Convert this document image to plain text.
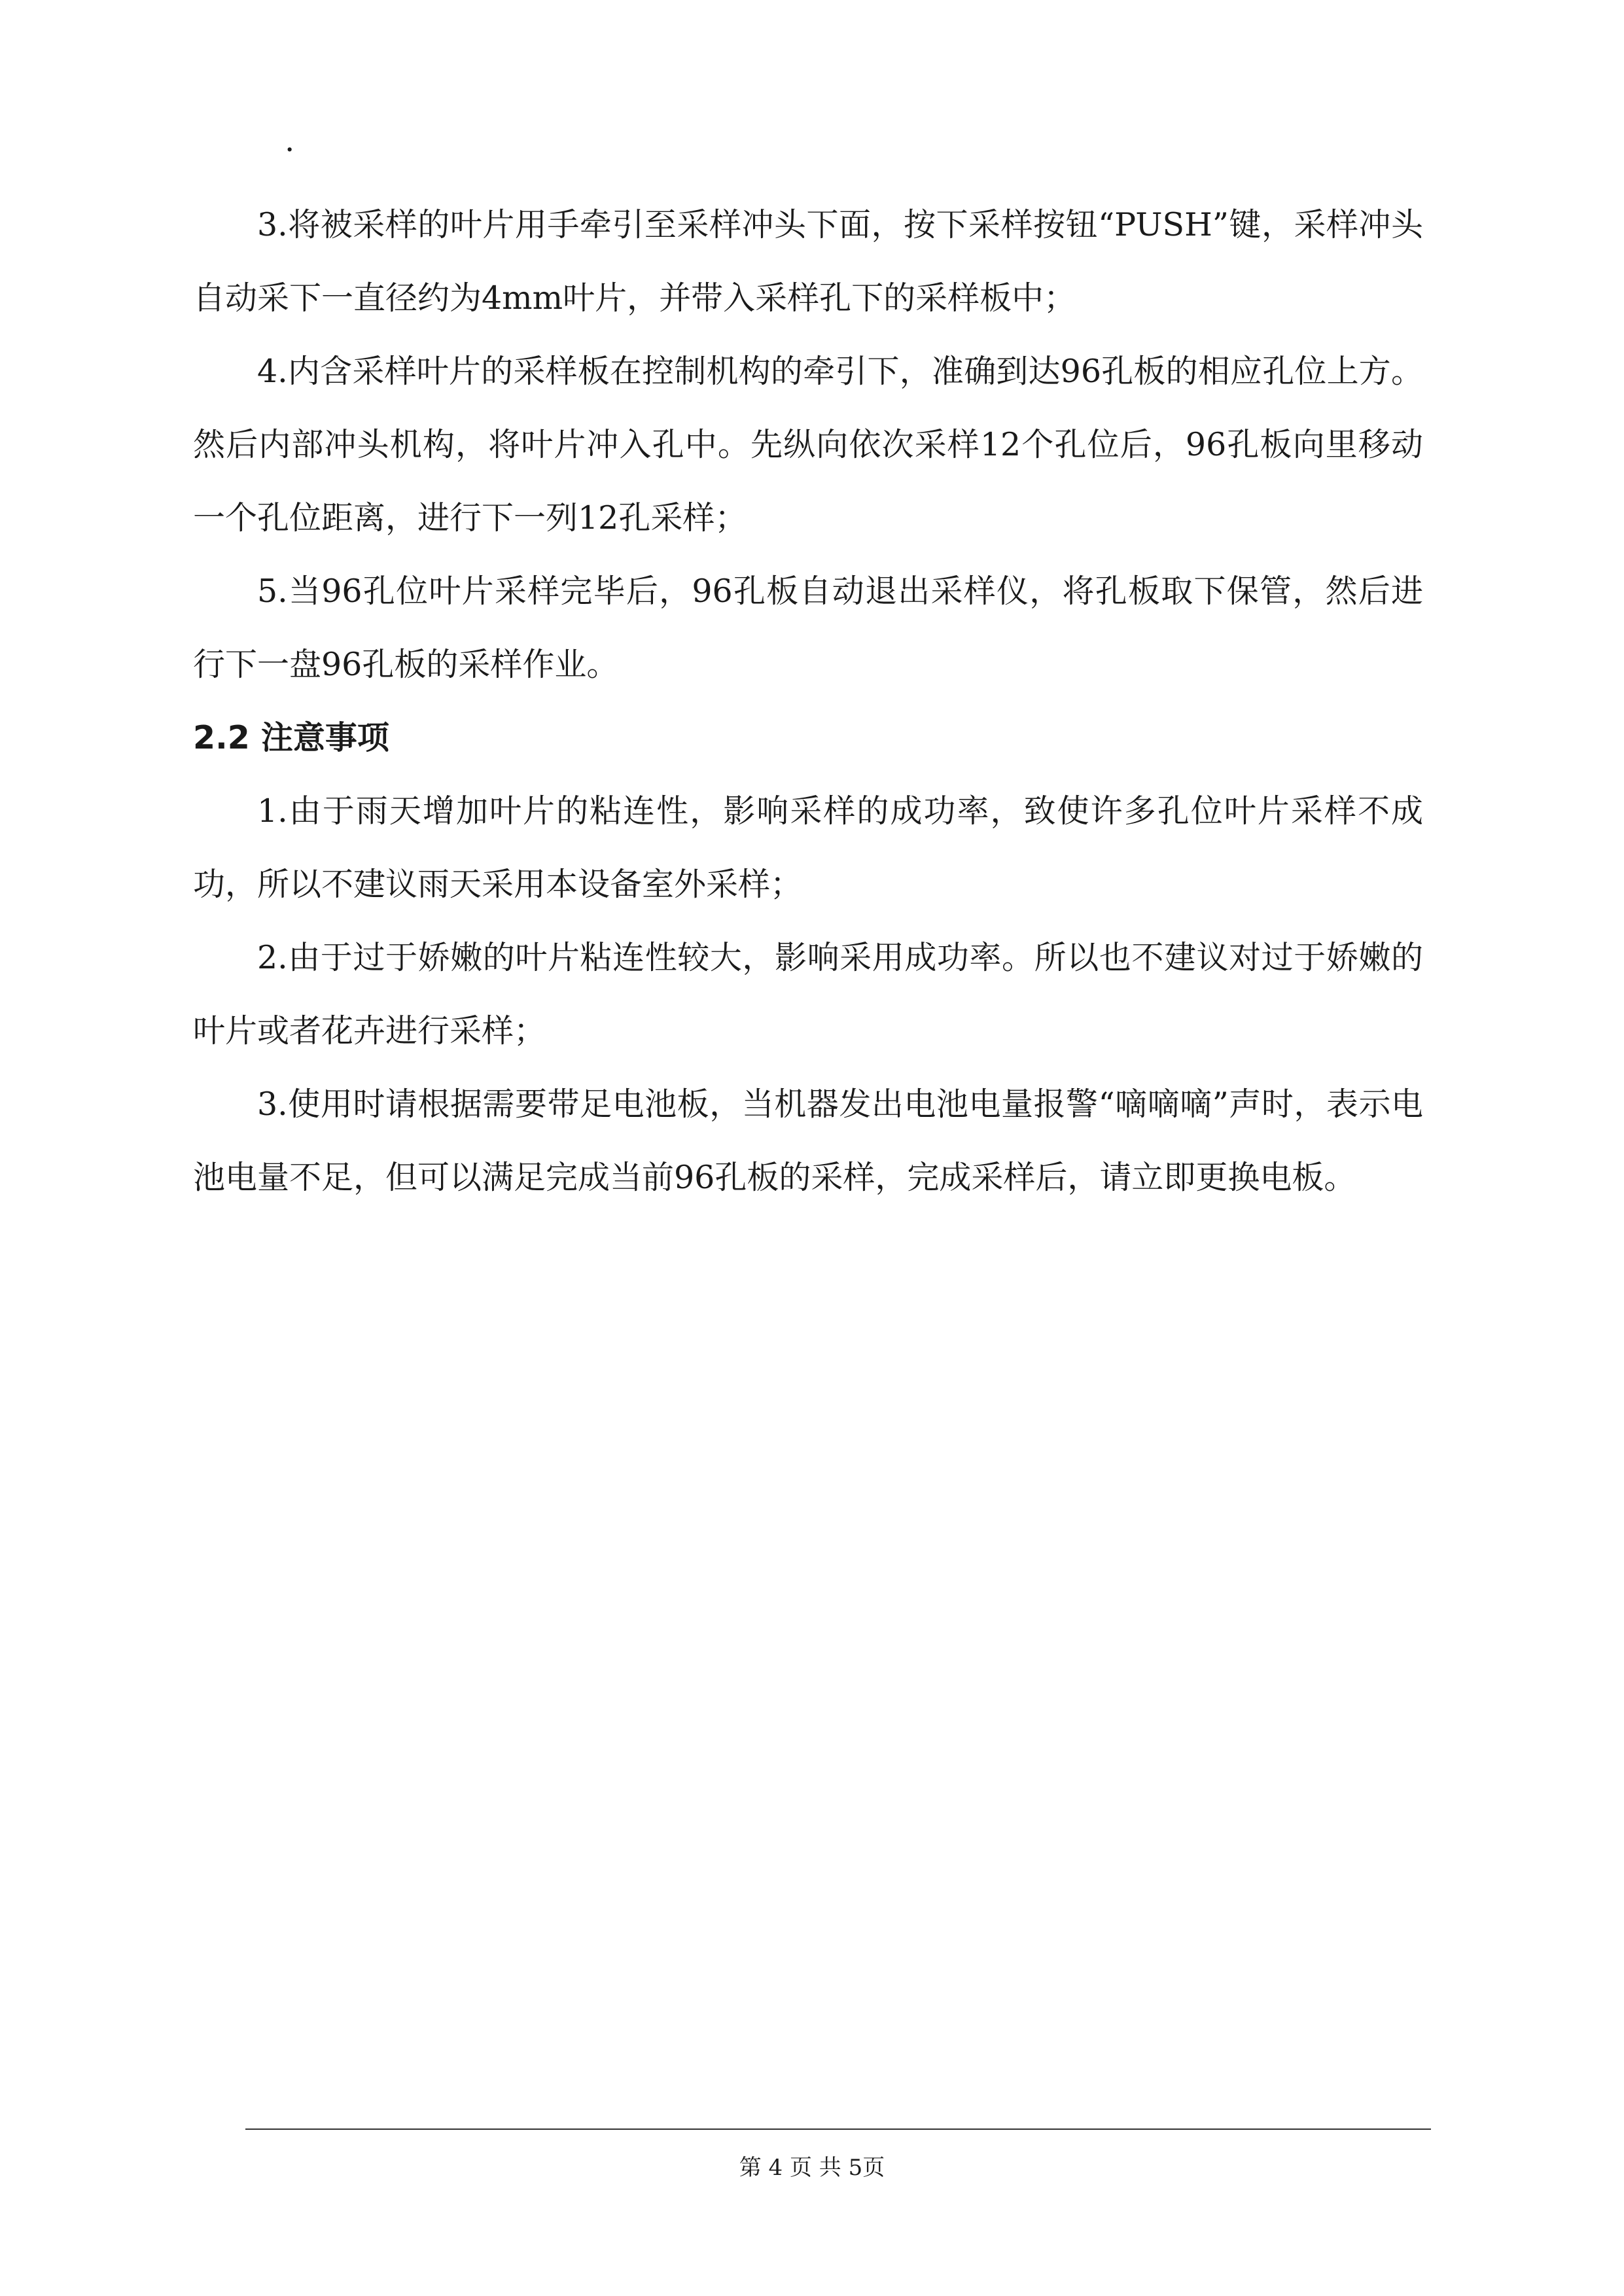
.

3.将被采样的叶片用手牵引至采样冲头下面，按下采样按钮“PUSH”键，采样冲头自动采下一直径约为4mm叶片，并带入采样孔下的采样板中；

4.内含采样叶片的采样板在控制机构的牵引下，准确到达96孔板的相应孔位上方。然后内部冲头机构，将叶片冲入孔中。先纵向依次采样12个孔位后，96孔板向里移动一个孔位距离，进行下一列12孔采样；

5.当96孔位叶片采样完毕后，96孔板自动退出采样仪，将孔板取下保管，然后进行下一盘96孔板的采样作业。

2.2 注意事项

1.由于雨天增加叶片的粘连性，影响采样的成功率，致使许多孔位叶片采样不成功，所以不建议雨天采用本设备室外采样；

2.由于过于娇嫩的叶片粘连性较大，影响采用成功率。所以也不建议对过于娇嫩的叶片或者花卉进行采样；

3.使用时请根据需要带足电池板，当机器发出电池电量报警“嘀嘀嘀”声时，表示电池电量不足，但可以满足完成当前96孔板的采样，完成采样后，请立即更换电板。

第 4 页 共 5页
